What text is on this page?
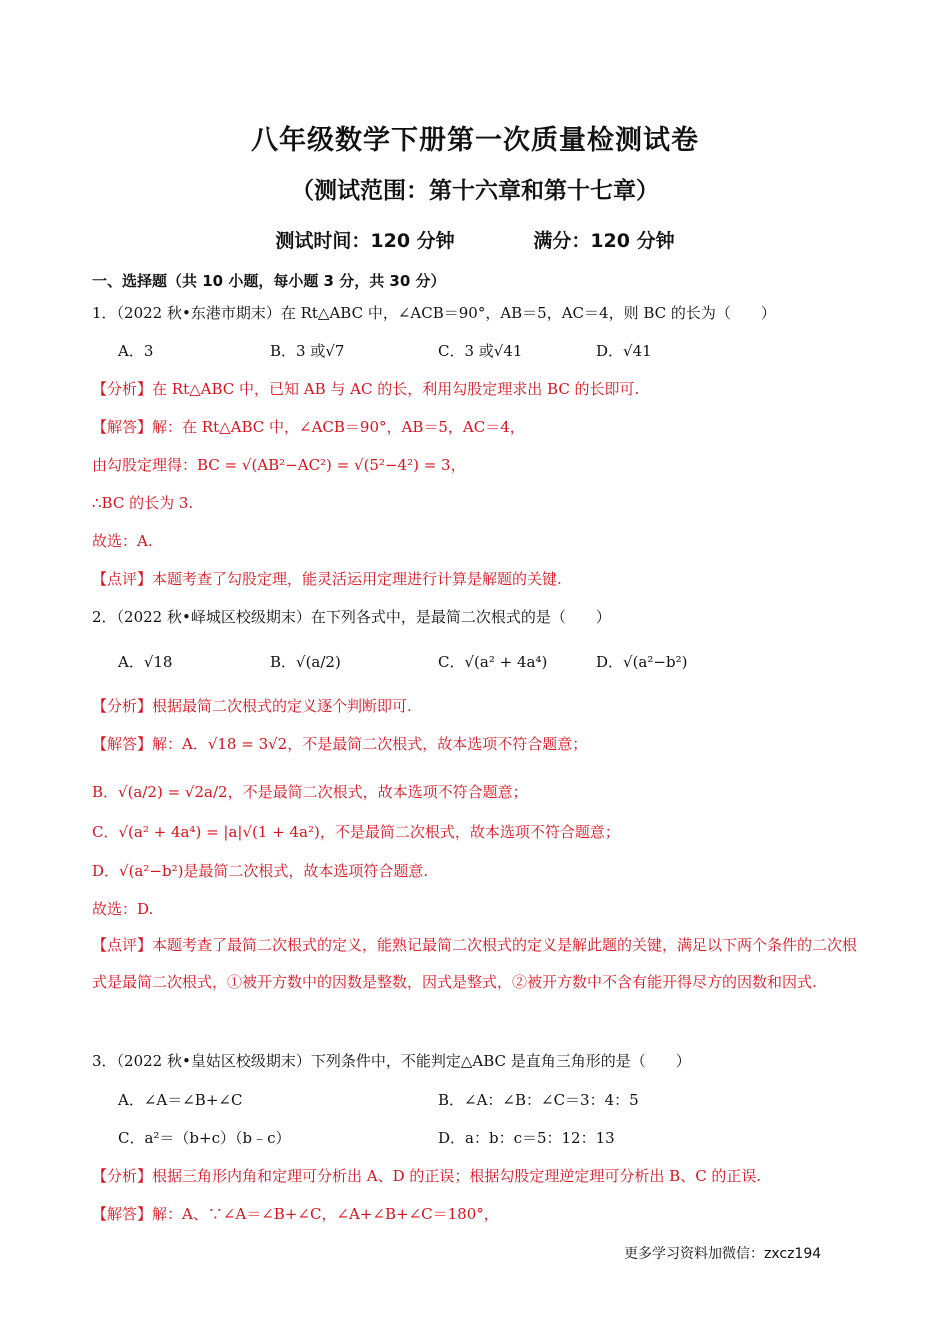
八年级数学下册第一次质量检测试卷
（测试范围：第十六章和第十七章）
测试时间：120 分钟	满分：120 分钟
一、选择题（共 10 小题，每小题 3 分，共 30 分）
1．（2022 秋•东港市期末）在 Rt△ABC 中，∠ACB＝90°，AB＝5，AC＝4，则 BC 的长为（　　）
A．3	B．3 或√7	C．3 或√41	D．√41
【分析】在 Rt△ABC 中，已知 AB 与 AC 的长，利用勾股定理求出 BC 的长即可.
【解答】解：在 Rt△ABC 中，∠ACB＝90°，AB＝5，AC＝4，
由勾股定理得：BC = √(AB²−AC²) = √(5²−4²) = 3，
∴BC 的长为 3.
故选：A.
【点评】本题考查了勾股定理，能灵活运用定理进行计算是解题的关键.
2．（2022 秋•峄城区校级期末）在下列各式中，是最简二次根式的是（　　）
A．√18	B．√(a/2)	C．√(a² + 4a⁴)	D．√(a²−b²)
【分析】根据最简二次根式的定义逐个判断即可.
【解答】解：A．√18 = 3√2，不是最简二次根式，故本选项不符合题意；
B．√(a/2) = √2a/2，不是最简二次根式，故本选项不符合题意；
C．√(a² + 4a⁴) = |a|√(1 + 4a²)，不是最简二次根式，故本选项不符合题意；
D．√(a²−b²)是最简二次根式，故本选项符合题意.
故选：D.
【点评】本题考查了最简二次根式的定义，能熟记最简二次根式的定义是解此题的关键，满足以下两个条件的二次根式是最简二次根式，①被开方数中的因数是整数，因式是整式，②被开方数中不含有能开得尽方的因数和因式.
3．（2022 秋•皇姑区校级期末）下列条件中，不能判定△ABC 是直角三角形的是（　　）
A．∠A＝∠B+∠C	B．∠A：∠B：∠C＝3：4：5
C．a²＝（b+c）（b﹣c）	D．a：b：c＝5：12：13
【分析】根据三角形内角和定理可分析出 A、D 的正误；根据勾股定理逆定理可分析出 B、C 的正误.
【解答】解：A、∵∠A＝∠B+∠C，∠A+∠B+∠C＝180°，
更多学习资料加微信：zxcz194
